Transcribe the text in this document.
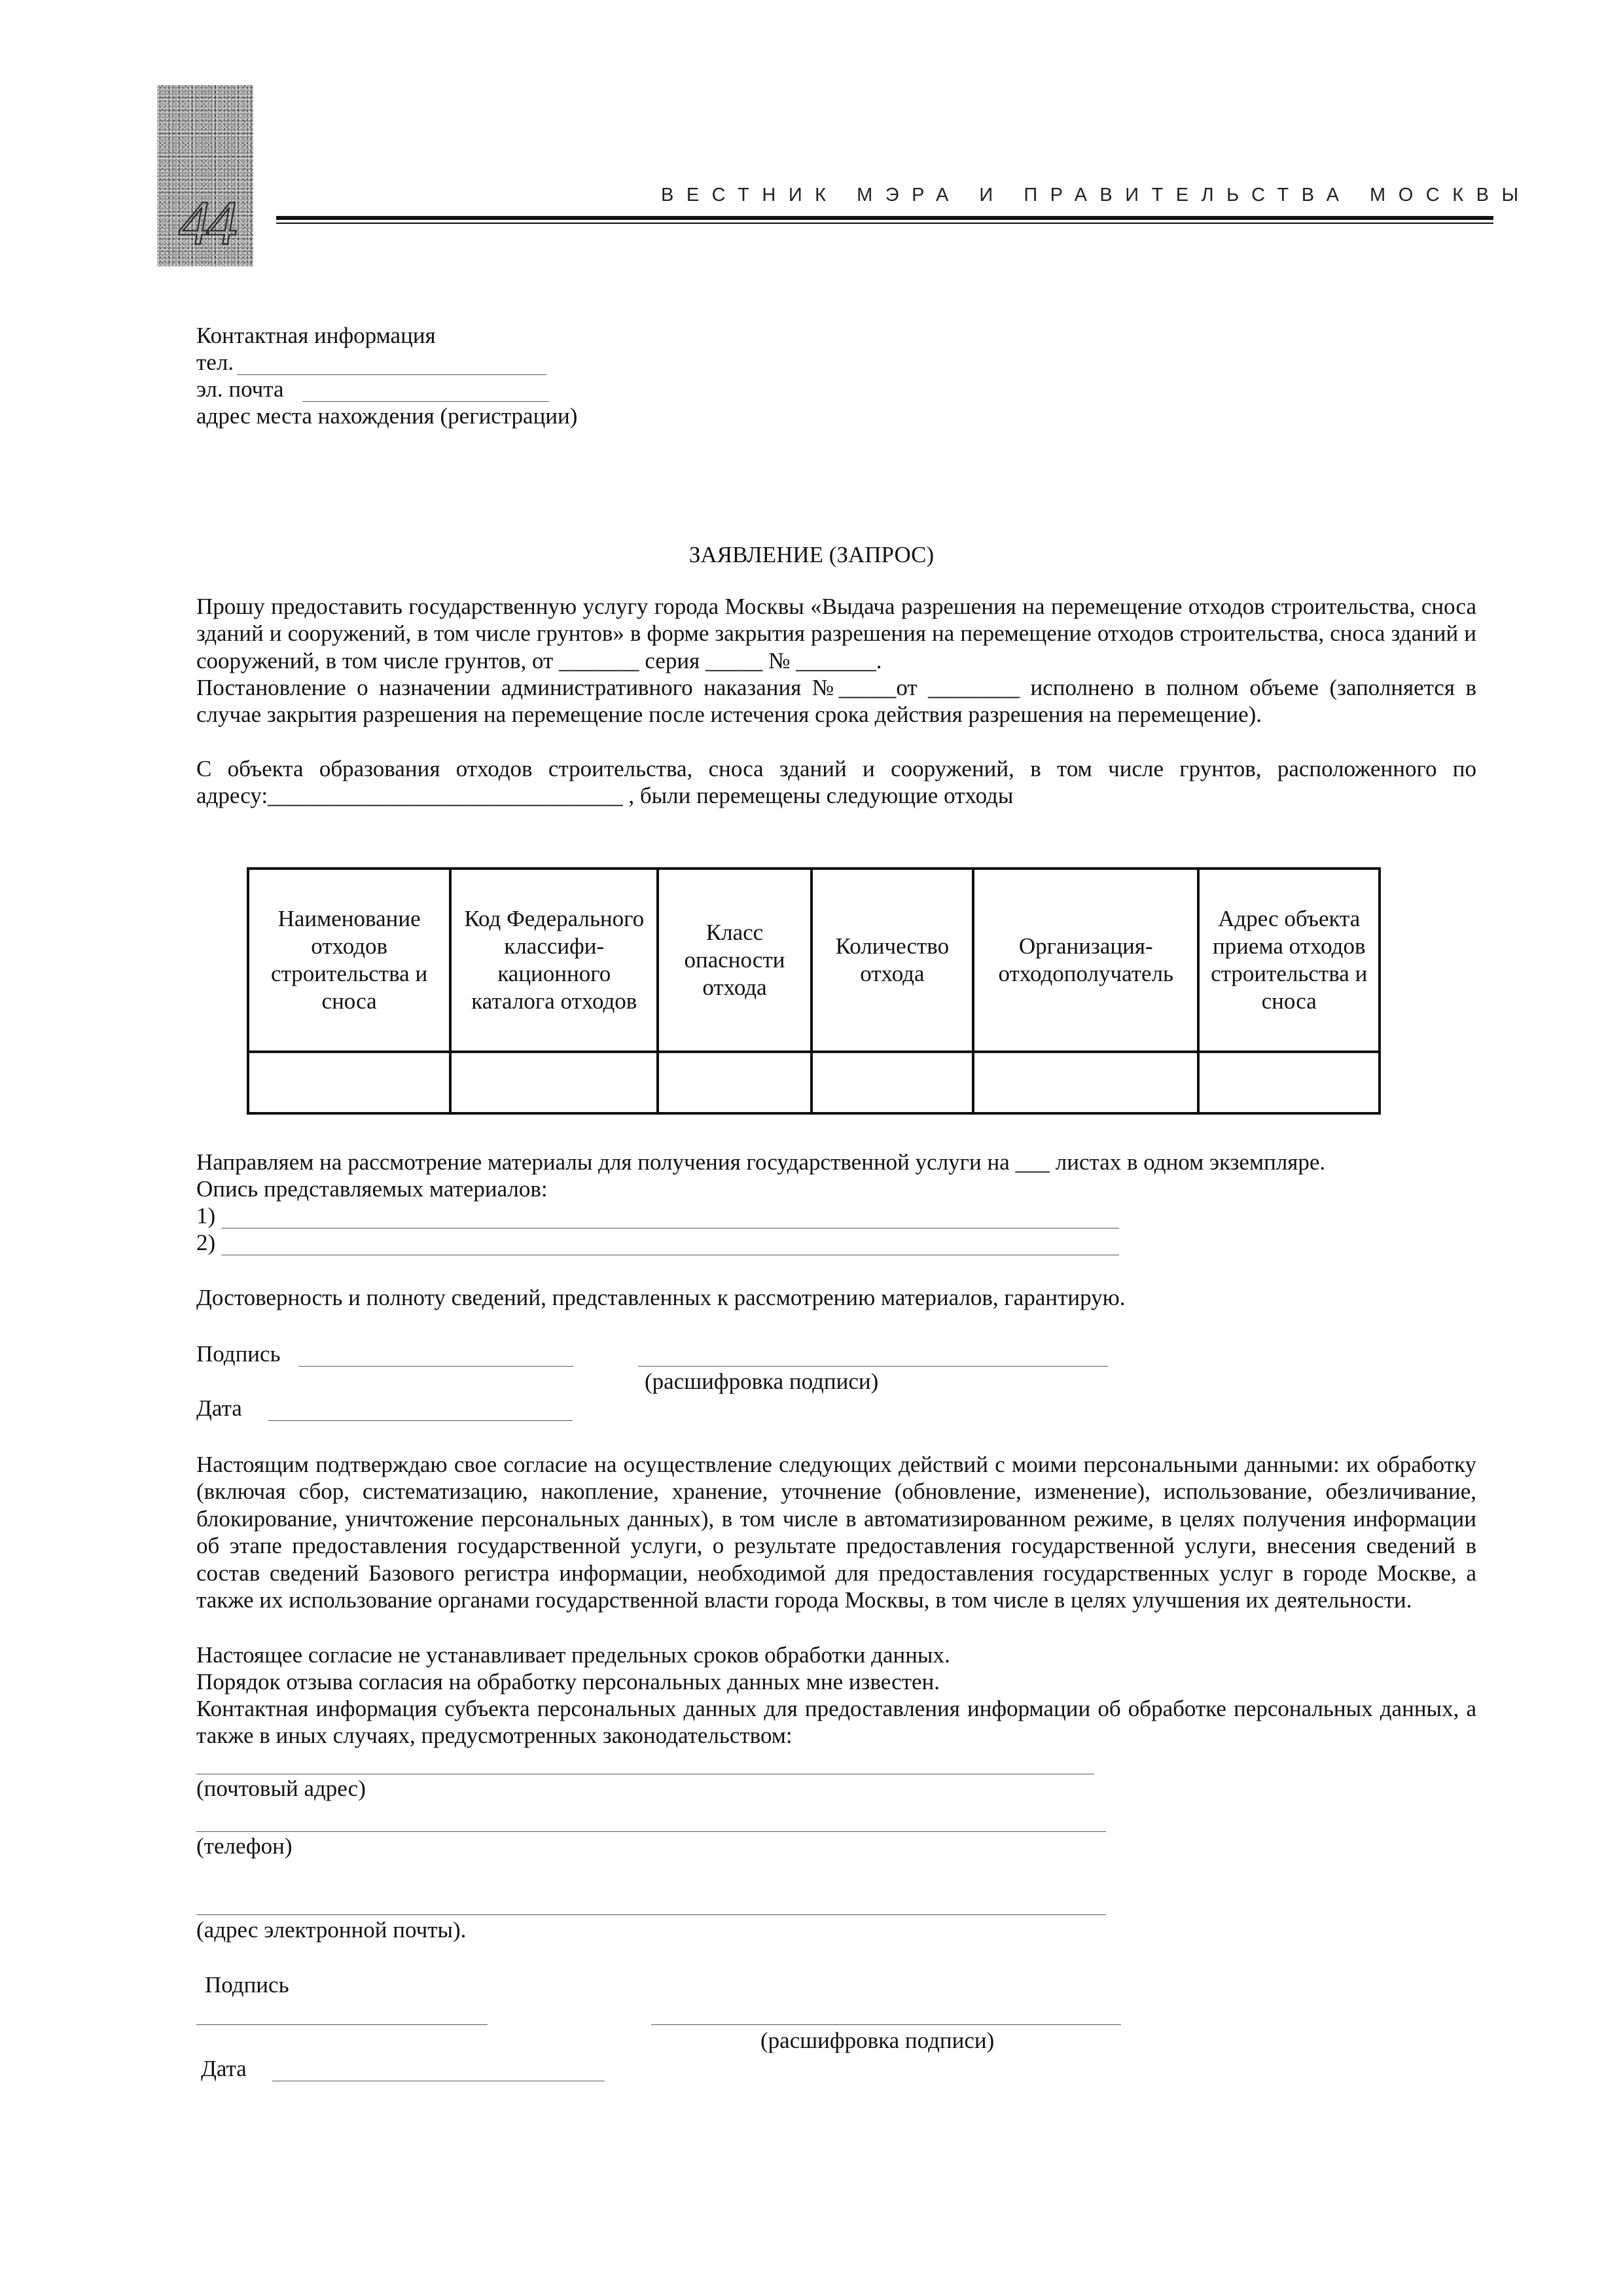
44	ВЕСТНИК МЭРА И ПРАВИТЕЛЬСТВА МОСКВЫ
Контактная информация
тел.
эл. почта
адрес места нахождения (регистрации)
ЗАЯВЛЕНИЕ (ЗАПРОС)

Прошу предоставить государственную услугу города Москвы «Выдача разрешения на перемещение отходов строительства, сноса зданий и сооружений, в том числе грунтов» в форме закрытия разрешения на перемещение отходов строительства, сноса зданий и сооружений, в том числе грунтов, от _______ серия _____ № _______.

Постановление о назначении административного наказания №_____от ________ исполнено в полном объеме (заполняется в случае закрытия разрешения на перемещение после истечения срока действия разрешения на перемещение).

С объекта образования отходов строительства, сноса зданий и сооружений, в том числе грунтов, расположенного по адресу:_______________________________ , были перемещены следующие отходы

Наименование отходов строительства и сноса	Код Федерального классифи-кационного каталога отходов	Класс опасности отхода	Количество отхода	Организация-отходополучатель	Адрес объекта приема отходов строительства и сноса

Направляем на рассмотрение материалы для получения государственной услуги на ___ листах в одном экземпляре.
Опись представляемых материалов:
1)
2)
Достоверность и полноту сведений, представленных к рассмотрению материалов, гарантирую.
Подпись
(расшифровка подписи)
Дата

Настоящим подтверждаю свое согласие на осуществление следующих действий с моими персональными данными: их обработку (включая сбор, систематизацию, накопление, хранение, уточнение (обновление, изменение), использование, обезличивание, блокирование, уничтожение персональных данных), в том числе в автоматизированном режиме, в целях получения информации об этапе предоставления государственной услуги, о результате предоставления государственной услуги, внесения сведений в состав сведений Базового регистра информации, необходимой для предоставления государственных услуг в городе Москве, а также их использование органами государственной власти города Москвы, в том числе в целях улучшения их деятельности.

Настоящее согласие не устанавливает предельных сроков обработки данных.
Порядок отзыва согласия на обработку персональных данных мне известен.

Контактная информация субъекта персональных данных для предоставления информации об обработке персональных данных, а также в иных случаях, предусмотренных законодательством:

(почтовый адрес)
(телефон)
(адрес электронной почты).
Подпись
(расшифровка подписи)
Дата
